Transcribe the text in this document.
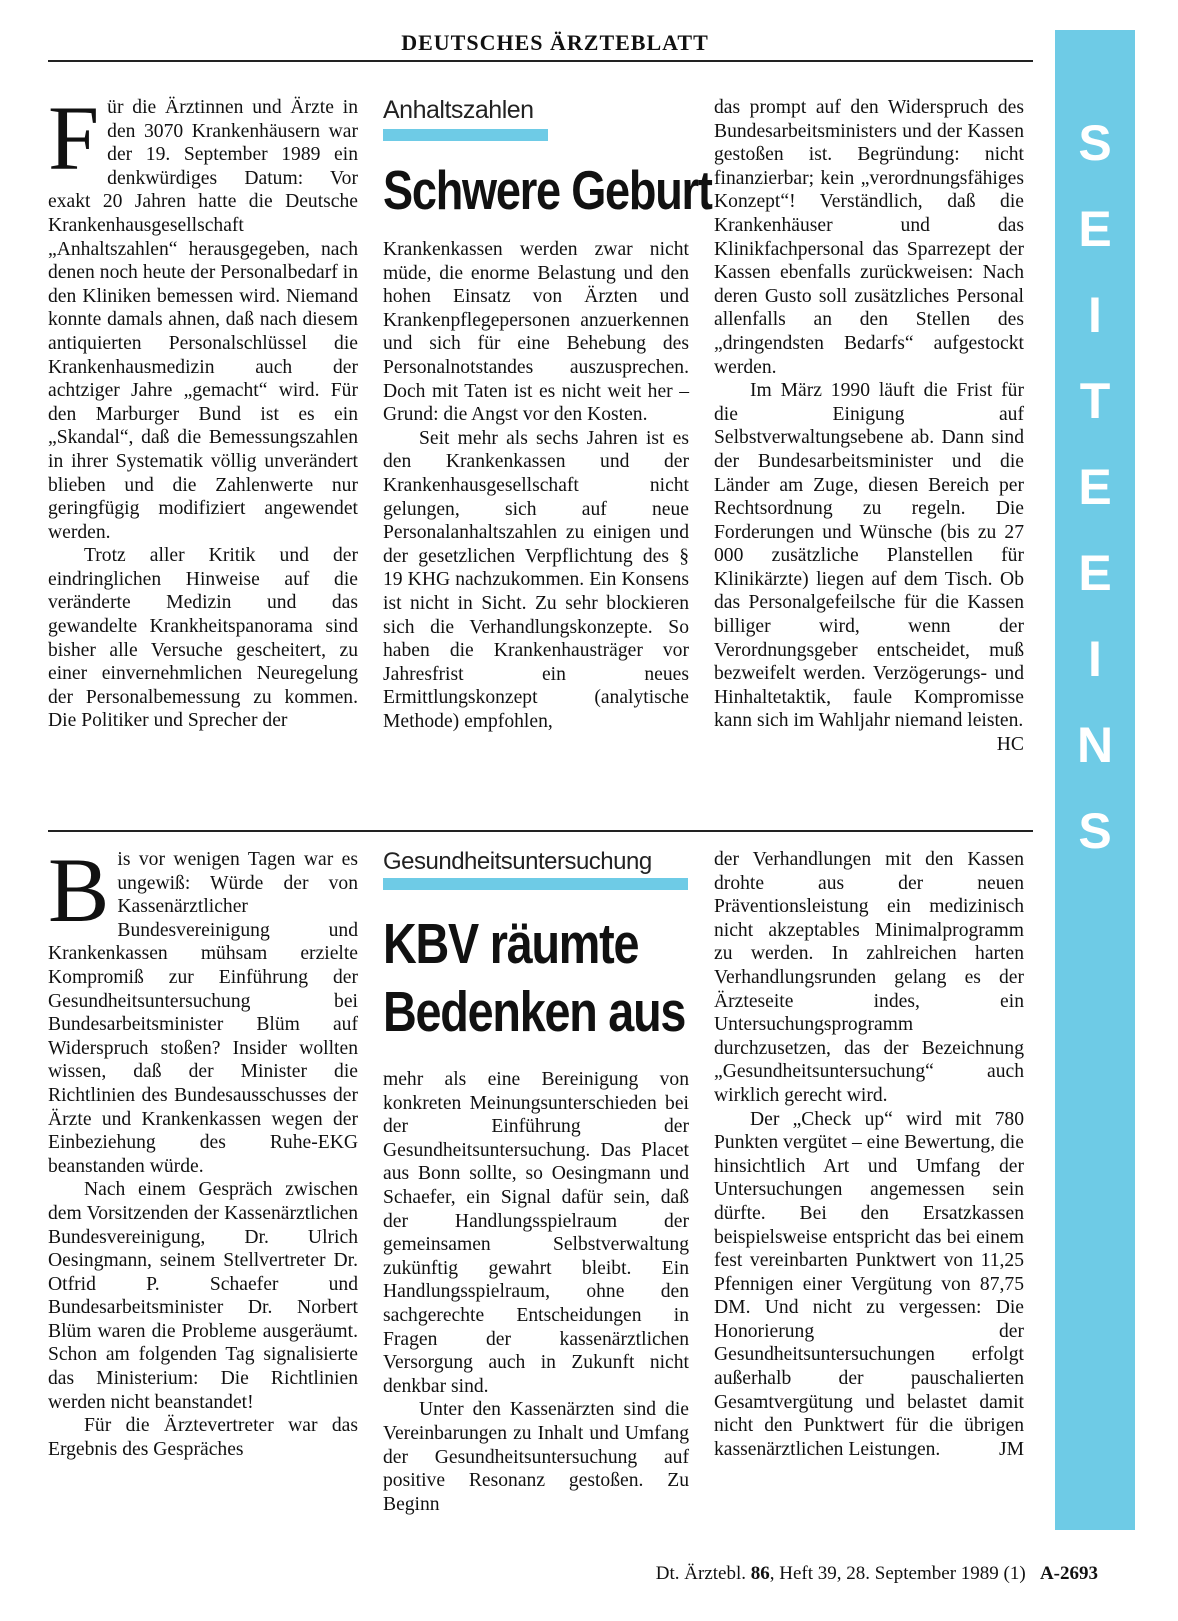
DEUTSCHES ÄRZTEBLATT
S
E
I
T
E
E
I
N
S

Für die Ärztinnen und Ärzte in den 3070 Krankenhäusern war der 19. September 1989 ein denkwürdiges Datum: Vor exakt 20 Jahren hatte die Deutsche Krankenhausgesellschaft „Anhaltszahlen“ herausgegeben, nach denen noch heute der Personalbedarf in den Kliniken bemessen wird. Niemand konnte damals ahnen, daß nach diesem antiquierten Personalschlüssel die Krankenhausmedizin auch der achtziger Jahre „gemacht“ wird. Für den Marburger Bund ist es ein „Skandal“, daß die Bemessungszahlen in ihrer Systematik völlig unverändert blieben und die Zahlenwerte nur geringfügig modifiziert angewendet werden.

Trotz aller Kritik und der eindringlichen Hinweise auf die veränderte Medizin und das gewandelte Krankheitspanorama sind bisher alle Versuche gescheitert, zu einer einvernehmlichen Neuregelung der Personalbemessung zu kommen. Die Politiker und Sprecher der

Anhaltszahlen
Schwere Geburt

Krankenkassen werden zwar nicht müde, die enorme Belastung und den hohen Einsatz von Ärzten und Krankenpflegepersonen anzuerkennen und sich für eine Behebung des Personalnotstandes auszusprechen. Doch mit Taten ist es nicht weit her – Grund: die Angst vor den Kosten.

Seit mehr als sechs Jahren ist es den Krankenkassen und der Krankenhausgesellschaft nicht gelungen, sich auf neue Personalanhaltszahlen zu einigen und der gesetzlichen Verpflichtung des § 19 KHG nachzukommen. Ein Konsens ist nicht in Sicht. Zu sehr blockieren sich die Verhandlungskonzepte. So haben die Krankenhausträger vor Jahresfrist ein neues Ermittlungskonzept (analytische Methode) empfohlen,

das prompt auf den Widerspruch des Bundesarbeitsministers und der Kassen gestoßen ist. Begründung: nicht finanzierbar; kein „verordnungsfähiges Konzept“! Verständlich, daß die Krankenhäuser und das Klinikfachpersonal das Sparrezept der Kassen ebenfalls zurückweisen: Nach deren Gusto soll zusätzliches Personal allenfalls an den Stellen des „dringendsten Bedarfs“ aufgestockt werden.

Im März 1990 läuft die Frist für die Einigung auf Selbstverwaltungsebene ab. Dann sind der Bundesarbeitsminister und die Länder am Zuge, diesen Bereich per Rechtsordnung zu regeln. Die Forderungen und Wünsche (bis zu 27 000 zusätzliche Planstellen für Klinikärzte) liegen auf dem Tisch. Ob das Personalgefeilsche für die Kassen billiger wird, wenn der Verordnungsgeber entscheidet, muß bezweifelt werden. Verzögerungs- und Hinhaltetaktik, faule Kompromisse kann sich im Wahljahr niemand leisten.
HC

Bis vor wenigen Tagen war es ungewiß: Würde der von Kassenärztlicher Bundesvereinigung und Krankenkassen mühsam erzielte Kompromiß zur Einführung der Gesundheitsuntersuchung bei Bundesarbeitsminister Blüm auf Widerspruch stoßen? Insider wollten wissen, daß der Minister die Richtlinien des Bundesausschusses der Ärzte und Krankenkassen wegen der Einbeziehung des Ruhe-EKG beanstanden würde.

Nach einem Gespräch zwischen dem Vorsitzenden der Kassenärztlichen Bundesvereinigung, Dr. Ulrich Oesingmann, seinem Stellvertreter Dr. Otfrid P. Schaefer und Bundesarbeitsminister Dr. Norbert Blüm waren die Probleme ausgeräumt. Schon am folgenden Tag signalisierte das Ministerium: Die Richtlinien werden nicht beanstandet!

Für die Ärztevertreter war das Ergebnis des Gespräches

Gesundheitsuntersuchung
KBV räumte
Bedenken aus

mehr als eine Bereinigung von konkreten Meinungsunterschieden bei der Einführung der Gesundheitsuntersuchung. Das Placet aus Bonn sollte, so Oesingmann und Schaefer, ein Signal dafür sein, daß der Handlungsspielraum der gemeinsamen Selbstverwaltung zukünftig gewahrt bleibt. Ein Handlungsspielraum, ohne den sachgerechte Entscheidungen in Fragen der kassenärztlichen Versorgung auch in Zukunft nicht denkbar sind.

Unter den Kassenärzten sind die Vereinbarungen zu Inhalt und Umfang der Gesundheitsuntersuchung auf positive Resonanz gestoßen. Zu Beginn

der Verhandlungen mit den Kassen drohte aus der neuen Präventionsleistung ein medizinisch nicht akzeptables Minimalprogramm zu werden. In zahlreichen harten Verhandlungsrunden gelang es der Ärzteseite indes, ein Untersuchungsprogramm durchzusetzen, das der Bezeichnung „Gesundheitsuntersuchung“ auch wirklich gerecht wird.

Der „Check up“ wird mit 780 Punkten vergütet – eine Bewertung, die hinsichtlich Art und Umfang der Untersuchungen angemessen sein dürfte. Bei den Ersatzkassen beispielsweise entspricht das bei einem fest vereinbarten Punktwert von 11,25 Pfennigen einer Vergütung von 87,75 DM. Und nicht zu vergessen: Die Honorierung der Gesundheitsuntersuchungen erfolgt außerhalb der pauschalierten Gesamtvergütung und belastet damit nicht den Punktwert für die übrigen kassenärztlichen Leistungen.	JM

Dt. Ärztebl. 86, Heft 39, 28. September 1989 (1) A-2693
